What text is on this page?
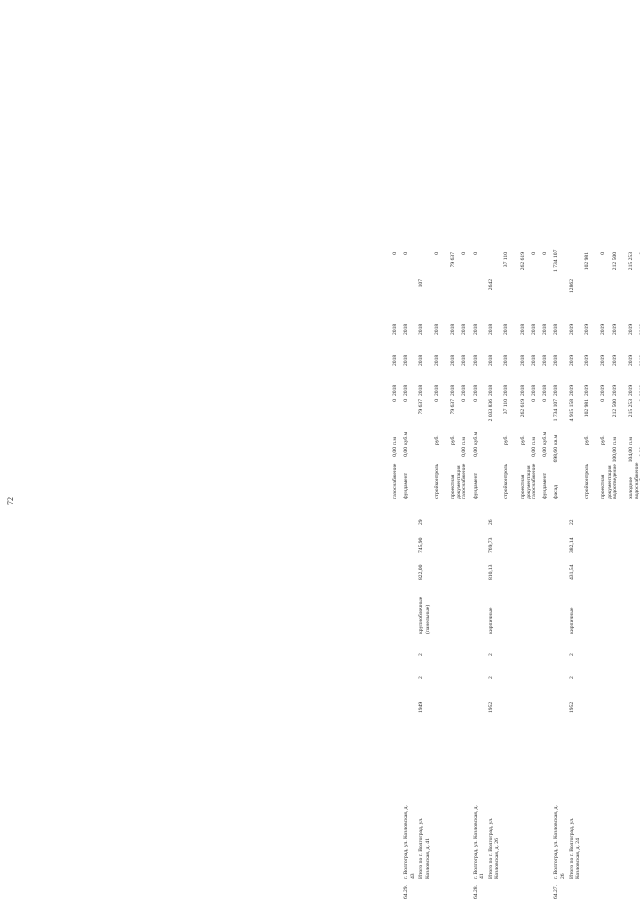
72
холодное водоснабжение
104,00
п.м
215 253
2019
2019
2019
215 253
водоотведение
100,00
п.м
212 500
2019
2019
2019
212 500
проектная документация
руб.
0
2019
2019
2019
0
стройконтроль
руб.
102 981
2019
2019
2019
102 981
Итого по г. Волгоград, ул. Козловская, д. 24
1952
2
2
кирпичные
431,54
382,14
22
4 915 158
2019
2019
2019
12862
64.27.
г. Волгоград, ул. Козловская, д. 26
фасад
698,60
кв.м
1 734 107
2018
2018
2018
1 734 107
фундамент
0,00
куб.м
0
2018
2018
2018
0
газоснабжение
0,00
п.м
0
2018
2018
2018
0
проектная документация
руб.
262 619
2018
2018
2018
262 619
стройконтроль
руб.
37 110
2018
2018
2018
37 110
Итого по г. Волгоград, ул. Козловская, д. 26
1952
2
2
кирпичные
810,13
769,73
26
2 033 836
2018
2018
2018
2642
64.28.
г. Волгоград, ул. Козловская, д. 41
фундамент
0,00
куб.м
0
2018
2018
2018
0
газоснабжение
0,00
п.м
0
2018
2018
2018
0
проектная документация
руб.
79 637
2018
2018
2018
79 637
стройконтроль
руб.
0
2018
2018
2018
0
Итого по г. Волгоград, ул. Козловская, д. 41
1949
2
2
крупноблочные (панельные)
822,00
745,90
29
79 637
2018
2018
2018
107
64.29.
г. Волгоград, ул. Козловская, д. 43
фундамент
0,00
куб.м
0
2018
2018
2018
0
газоснабжение
0,00
п.м
0
2018
2018
2018
0
